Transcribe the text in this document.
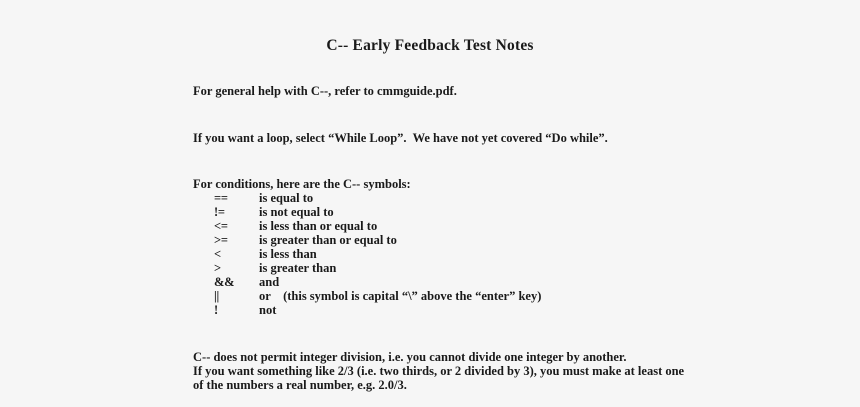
C-- Early Feedback Test Notes

For general help with C--, refer to cmmguide.pdf.

If you want a loop, select “While Loop”.  We have not yet covered “Do while”.

For conditions, here are the C-- symbols:

==	is equal to
!=	is not equal to
<=	is less than or equal to
>=	is greater than or equal to
<	is less than
>	is greater than
&&	and
||	or    (this symbol is capital “\” above the “enter” key)
!	not

C-- does not permit integer division, i.e. you cannot divide one integer by another.

If you want something like 2/3 (i.e. two thirds, or 2 divided by 3), you must make at least one

of the numbers a real number, e.g. 2.0/3.
